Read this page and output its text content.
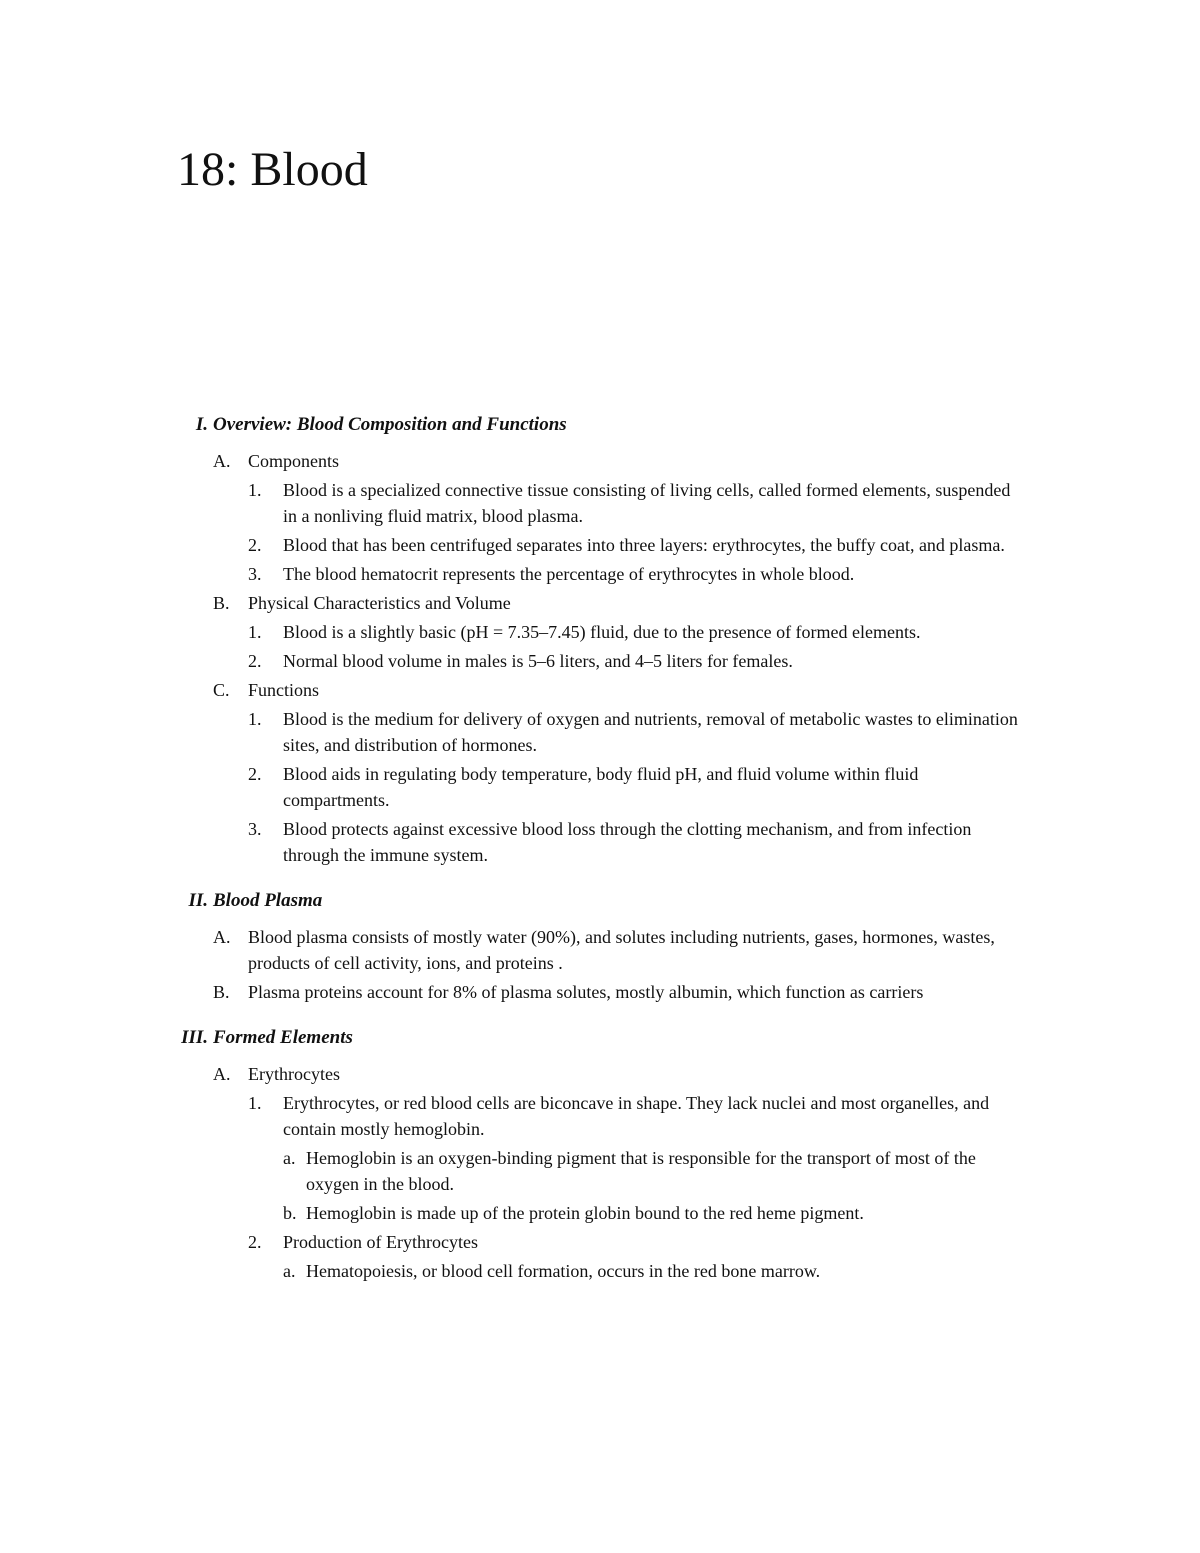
18: Blood
I. Overview: Blood Composition and Functions
A. Components
1. Blood is a specialized connective tissue consisting of living cells, called formed elements, suspended in a nonliving fluid matrix, blood plasma.
2. Blood that has been centrifuged separates into three layers: erythrocytes, the buffy coat, and plasma.
3. The blood hematocrit represents the percentage of erythrocytes in whole blood.
B. Physical Characteristics and Volume
1. Blood is a slightly basic (pH = 7.35–7.45) fluid, due to the presence of formed elements.
2. Normal blood volume in males is 5–6 liters, and 4–5 liters for females.
C. Functions
1. Blood is the medium for delivery of oxygen and nutrients, removal of metabolic wastes to elimination sites, and distribution of hormones.
2. Blood aids in regulating body temperature, body fluid pH, and fluid volume within fluid compartments.
3. Blood protects against excessive blood loss through the clotting mechanism, and from infection through the immune system.
II. Blood Plasma
A. Blood plasma consists of mostly water (90%), and solutes including nutrients, gases, hormones, wastes, products of cell activity, ions, and proteins .
B. Plasma proteins account for 8% of plasma solutes, mostly albumin, which function as carriers
III. Formed Elements
A. Erythrocytes
1. Erythrocytes, or red blood cells are biconcave in shape. They lack nuclei and most organelles, and contain mostly hemoglobin.
a. Hemoglobin is an oxygen-binding pigment that is responsible for the transport of most of the oxygen in the blood.
b. Hemoglobin is made up of the protein globin bound to the red heme pigment.
2. Production of Erythrocytes
a. Hematopoiesis, or blood cell formation, occurs in the red bone marrow.
